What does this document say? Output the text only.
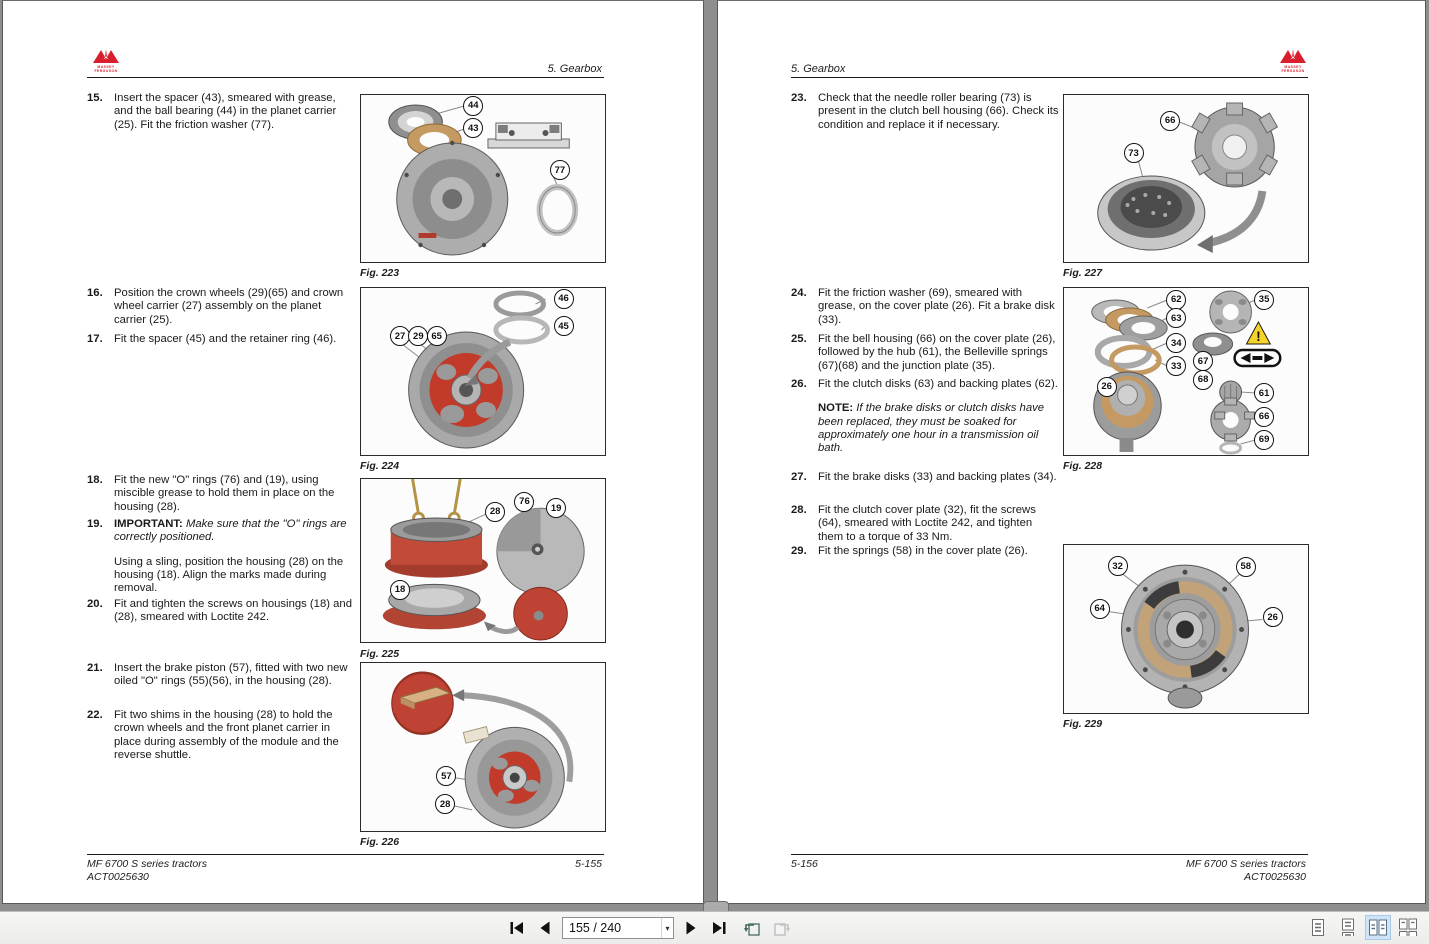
MASSEY FERGUSON	5. Gearbox
15. Insert the spacer (43), smeared with grease, and the ball bearing (44) in the planet carrier (25). Fit the friction washer (77).
16. Position the crown wheels (29)(65) and crown wheel carrier (27) assembly on the planet carrier (25).
17. Fit the spacer (45) and the retainer ring (46).
18. Fit the new "O" rings (76) and (19), using miscible grease to hold them in place on the housing (28).
19. IMPORTANT: Make sure that the "O" rings are correctly positioned.
Using a sling, position the housing (28) on the housing (18). Align the marks made during removal.
20. Fit and tighten the screws on housings (18) and (28), smeared with Loctite 242.
21. Insert the brake piston (57), fitted with two new oiled "O" rings (55)(56), in the housing (28).
22. Fit two shims in the housing (28) to hold the crown wheels and the front planet carrier in place during assembly of the module and the reverse shuttle.
44
43
77
Fig. 223
46
45
27 29 65
Fig. 224
28
76
19
18
Fig. 225
57
28
Fig. 226
MF 6700 S series tractors
ACT0025630
5-155
5. Gearbox	MASSEY FERGUSON
23. Check that the needle roller bearing (73) is present in the clutch bell housing (66). Check its condition and replace it if necessary.
24. Fit the friction washer (69), smeared with grease, on the cover plate (26). Fit a brake disk (33).
25. Fit the bell housing (66) on the cover plate (26), followed by the hub (61), the Belleville springs (67)(68) and the junction plate (35).
26. Fit the clutch disks (63) and backing plates (62).
NOTE: If the brake disks or clutch disks have been replaced, they must be soaked for approximately one hour in a transmission oil bath.
27. Fit the brake disks (33) and backing plates (34).
28. Fit the clutch cover plate (32), fit the screws (64), smeared with Loctite 242, and tighten them to a torque of 33 Nm.
29. Fit the springs (58) in the cover plate (26).
66
73
Fig. 227
!
62
63
35
34
33	67
68
26
61
66
69
Fig. 228
32	58
64
26
Fig. 229
5-156	MF 6700 S series tractors
ACT0025630
155 / 240
▾
